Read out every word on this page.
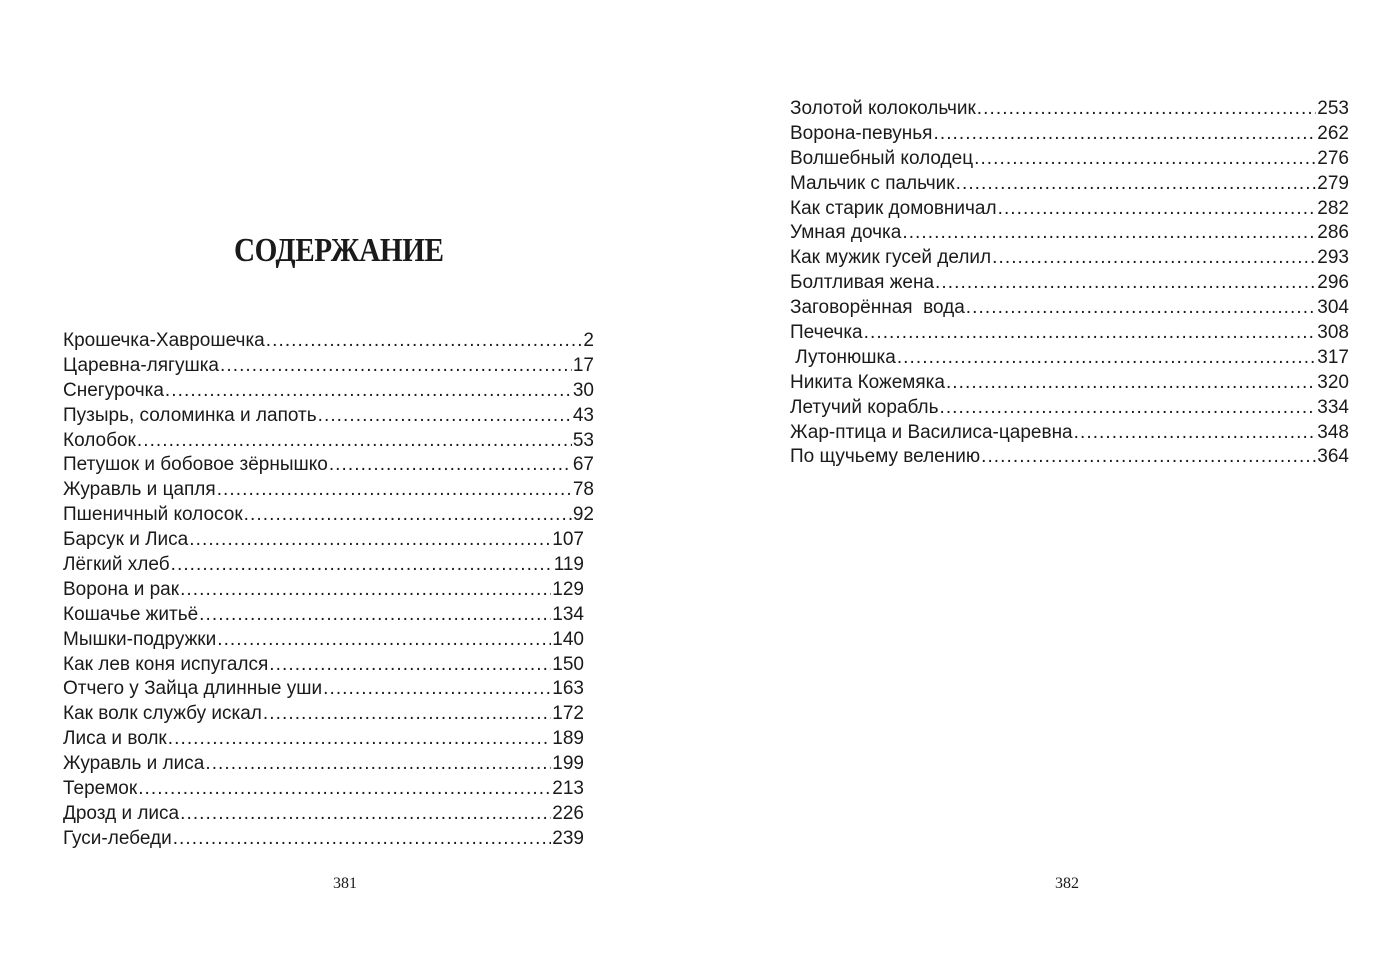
СОДЕРЖАНИЕ
Крошечка-Хаврошечка . . .	2
Царевна-лягушка . . .	17
Снегурочка . . .	30
Пузырь, соломинка и лапоть . . .	43
Колобок . . .	53
Петушок и бобовое зёрнышко . . .	67
Журавль и цапля . . .	78
Пшеничный колосок . . .	92
Барсук и Лиса . . .	107
Лёгкий хлеб . . .	119
Ворона и рак . . .	129
Кошачье житьё . . .	134
Мышки-подружки . . .	140
Как лев коня испугался . . .	150
Отчего у Зайца длинные уши . . .	163
Как волк службу искал . . .	172
Лиса и волк . . .	189
Журавль и лиса . . .	199
Теремок . . .	213
Дрозд и лиса . . .	226
Гуси-лебеди . . .	239
381
Золотой колокольчик . . .	253
Ворона-певунья . . .	262
Волшебный колодец . . .	276
Мальчик с пальчик . . .	279
Как старик домовничал . . .	282
Умная дочка . . .	286
Как мужик гусей делил . . .	293
Болтливая жена . . .	296
Заговорённая  вода . . .	304
Печечка . . .	308
Лутонюшка . . .	317
Никита Кожемяка . . .	320
Летучий корабль . . .	334
Жар-птица и Василиса-царевна . . .	348
По щучьему велению . . .	364
382
